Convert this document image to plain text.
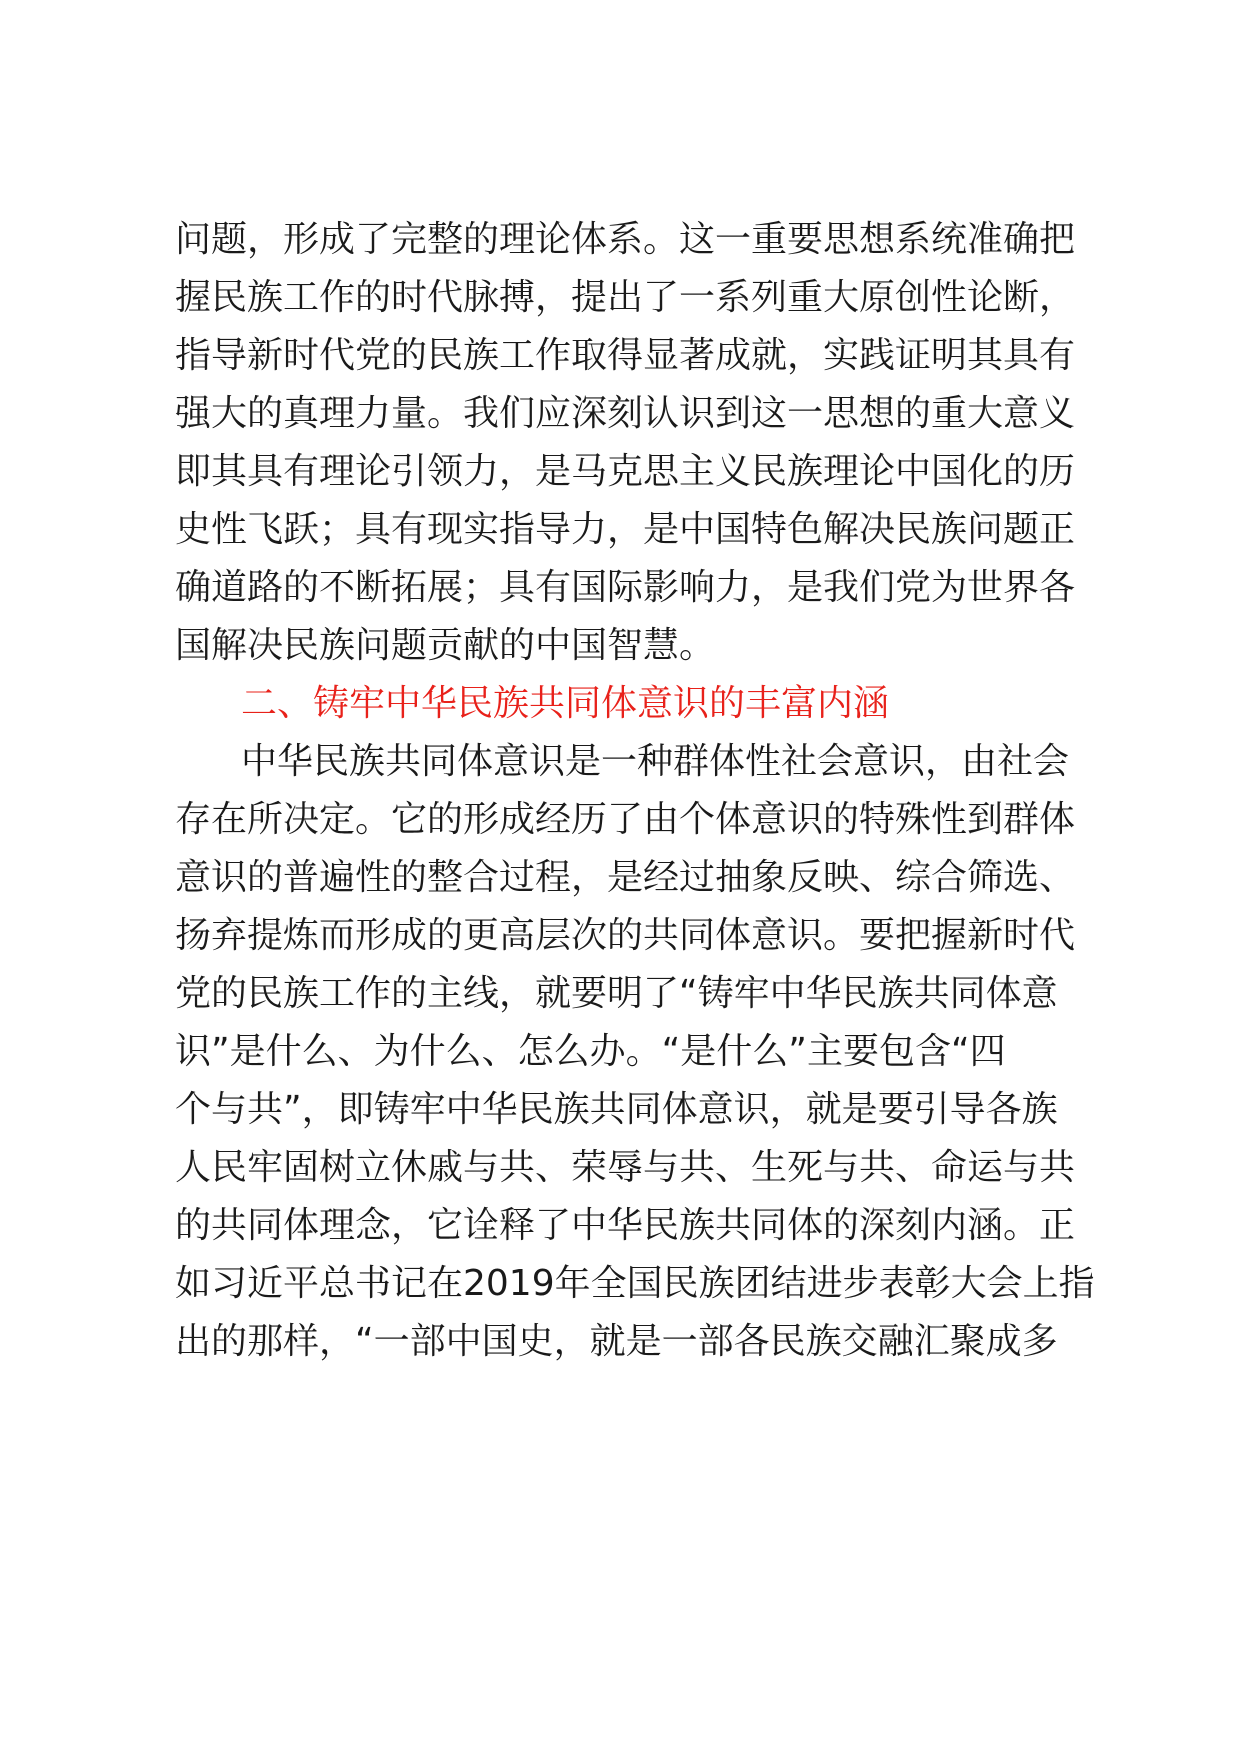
问题，形成了完整的理论体系。这一重要思想系统准确把
握民族工作的时代脉搏，提出了一系列重大原创性论断，
指导新时代党的民族工作取得显著成就，实践证明其具有
强大的真理力量。我们应深刻认识到这一思想的重大意义
即其具有理论引领力，是马克思主义民族理论中国化的历
史性飞跃；具有现实指导力，是中国特色解决民族问题正
确道路的不断拓展；具有国际影响力，是我们党为世界各
国解决民族问题贡献的中国智慧。
二、铸牢中华民族共同体意识的丰富内涵
中华民族共同体意识是一种群体性社会意识，由社会
存在所决定。它的形成经历了由个体意识的特殊性到群体
意识的普遍性的整合过程，是经过抽象反映、综合筛选、
扬弃提炼而形成的更高层次的共同体意识。要把握新时代
党的民族工作的主线，就要明了“铸牢中华民族共同体意
识”是什么、为什么、怎么办。“是什么”主要包含“四
个与共”，即铸牢中华民族共同体意识，就是要引导各族
人民牢固树立休戚与共、荣辱与共、生死与共、命运与共
的共同体理念，它诠释了中华民族共同体的深刻内涵。正
如习近平总书记在2019年全国民族团结进步表彰大会上指
出的那样，“一部中国史，就是一部各民族交融汇聚成多
